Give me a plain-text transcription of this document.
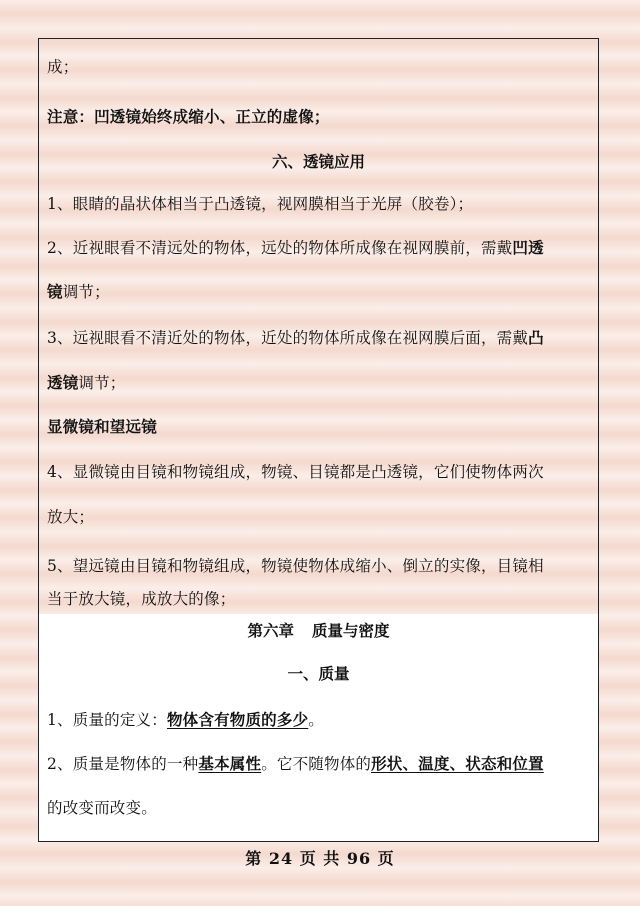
成；
注意：凹透镜始终成缩小、正立的虚像；
六、透镜应用
1、眼睛的晶状体相当于凸透镜，视网膜相当于光屏（胶卷）；
2、近视眼看不清远处的物体，远处的物体所成像在视网膜前，需戴凹透
镜调节；
3、远视眼看不清近处的物体，近处的物体所成像在视网膜后面，需戴凸
透镜调节；
显微镜和望远镜
4、显微镜由目镜和物镜组成，物镜、目镜都是凸透镜，它们使物体两次
放大；
5、望远镜由目镜和物镜组成，物镜使物体成缩小、倒立的实像，目镜相
当于放大镜，成放大的像；
第六章 质量与密度
一、质量
1、质量的定义：物体含有物质的多少。
2、质量是物体的一种基本属性。它不随物体的形状、温度、状态和位置
的改变而改变。
第 24 页 共 96 页
